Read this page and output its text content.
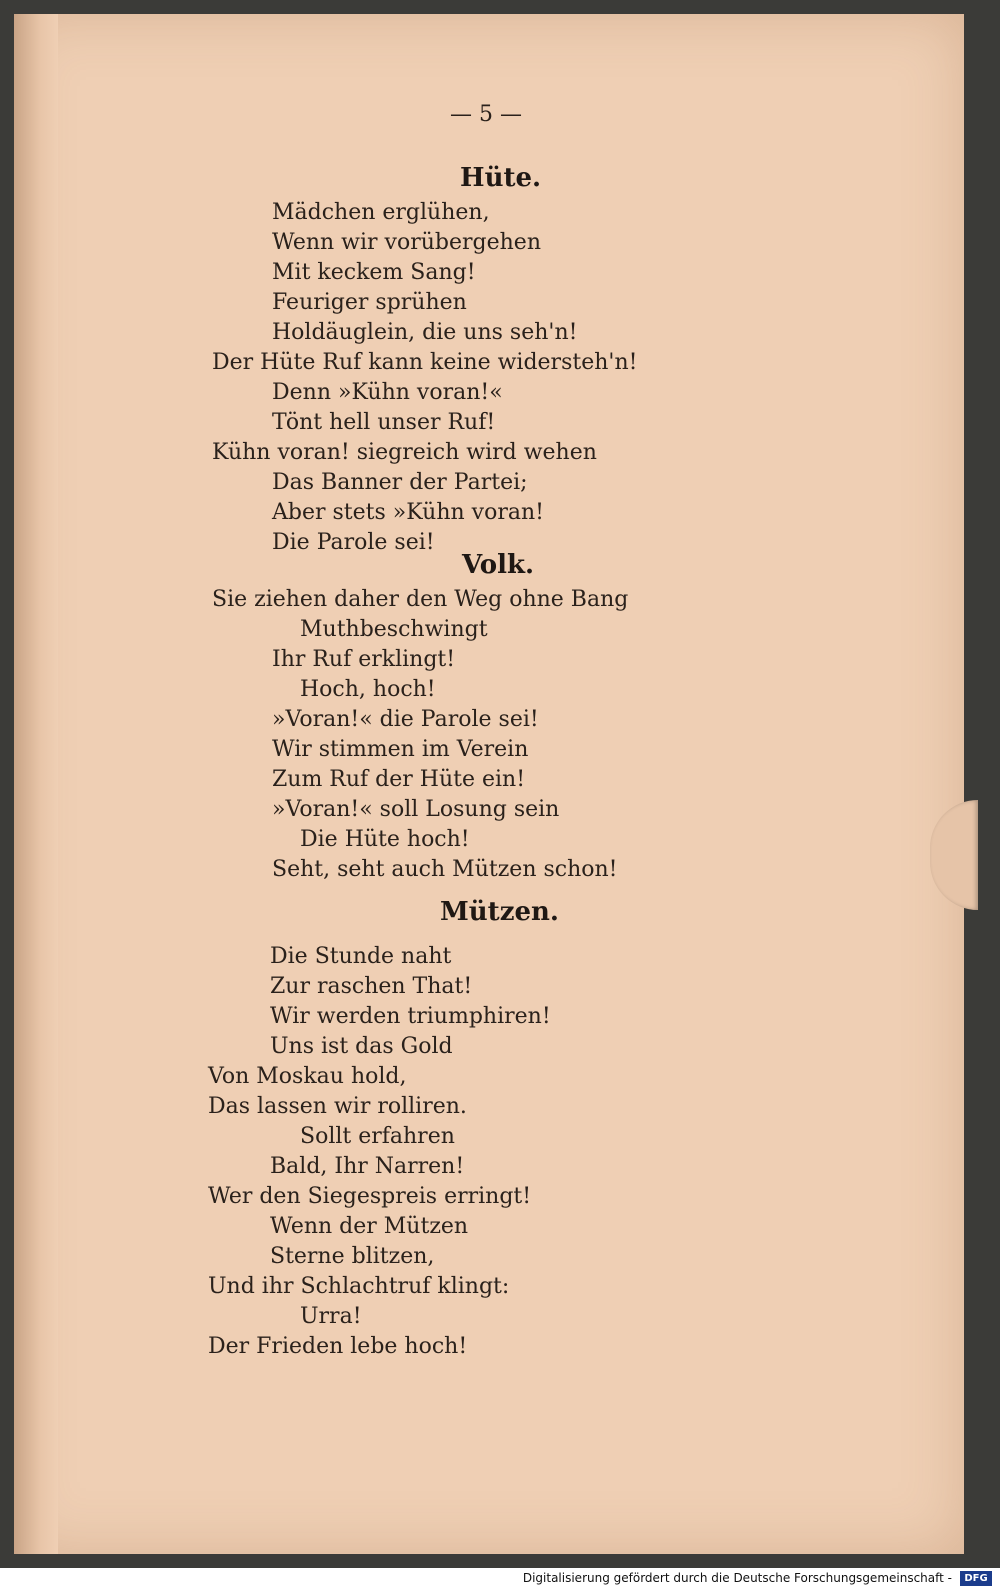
— 5 —
Hüte.
Mädchen erglühen,
Wenn wir vorübergehen
Mit keckem Sang!
Feuriger sprühen
Holdäuglein, die uns seh'n!
Der Hüte Ruf kann keine widersteh'n!
Denn »Kühn voran!«
Tönt hell unser Ruf!
Kühn voran! siegreich wird wehen
Das Banner der Partei;
Aber stets »Kühn voran!
Die Parole sei!
Volk.
Sie ziehen daher den Weg ohne Bang
Muthbeschwingt
Ihr Ruf erklingt!
Hoch, hoch!
»Voran!« die Parole sei!
Wir stimmen im Verein
Zum Ruf der Hüte ein!
»Voran!« soll Losung sein
Die Hüte hoch!
Seht, seht auch Mützen schon!
Mützen.
Die Stunde naht
Zur raschen That!
Wir werden triumphiren!
Uns ist das Gold
Von Moskau hold,
Das lassen wir rolliren.
Sollt erfahren
Bald, Ihr Narren!
Wer den Siegespreis erringt!
Wenn der Mützen
Sterne blitzen,
Und ihr Schlachtruf klingt:
Urra!
Der Frieden lebe hoch!
Digitalisierung gefördert durch die Deutsche Forschungsgemeinschaft -	DFG
